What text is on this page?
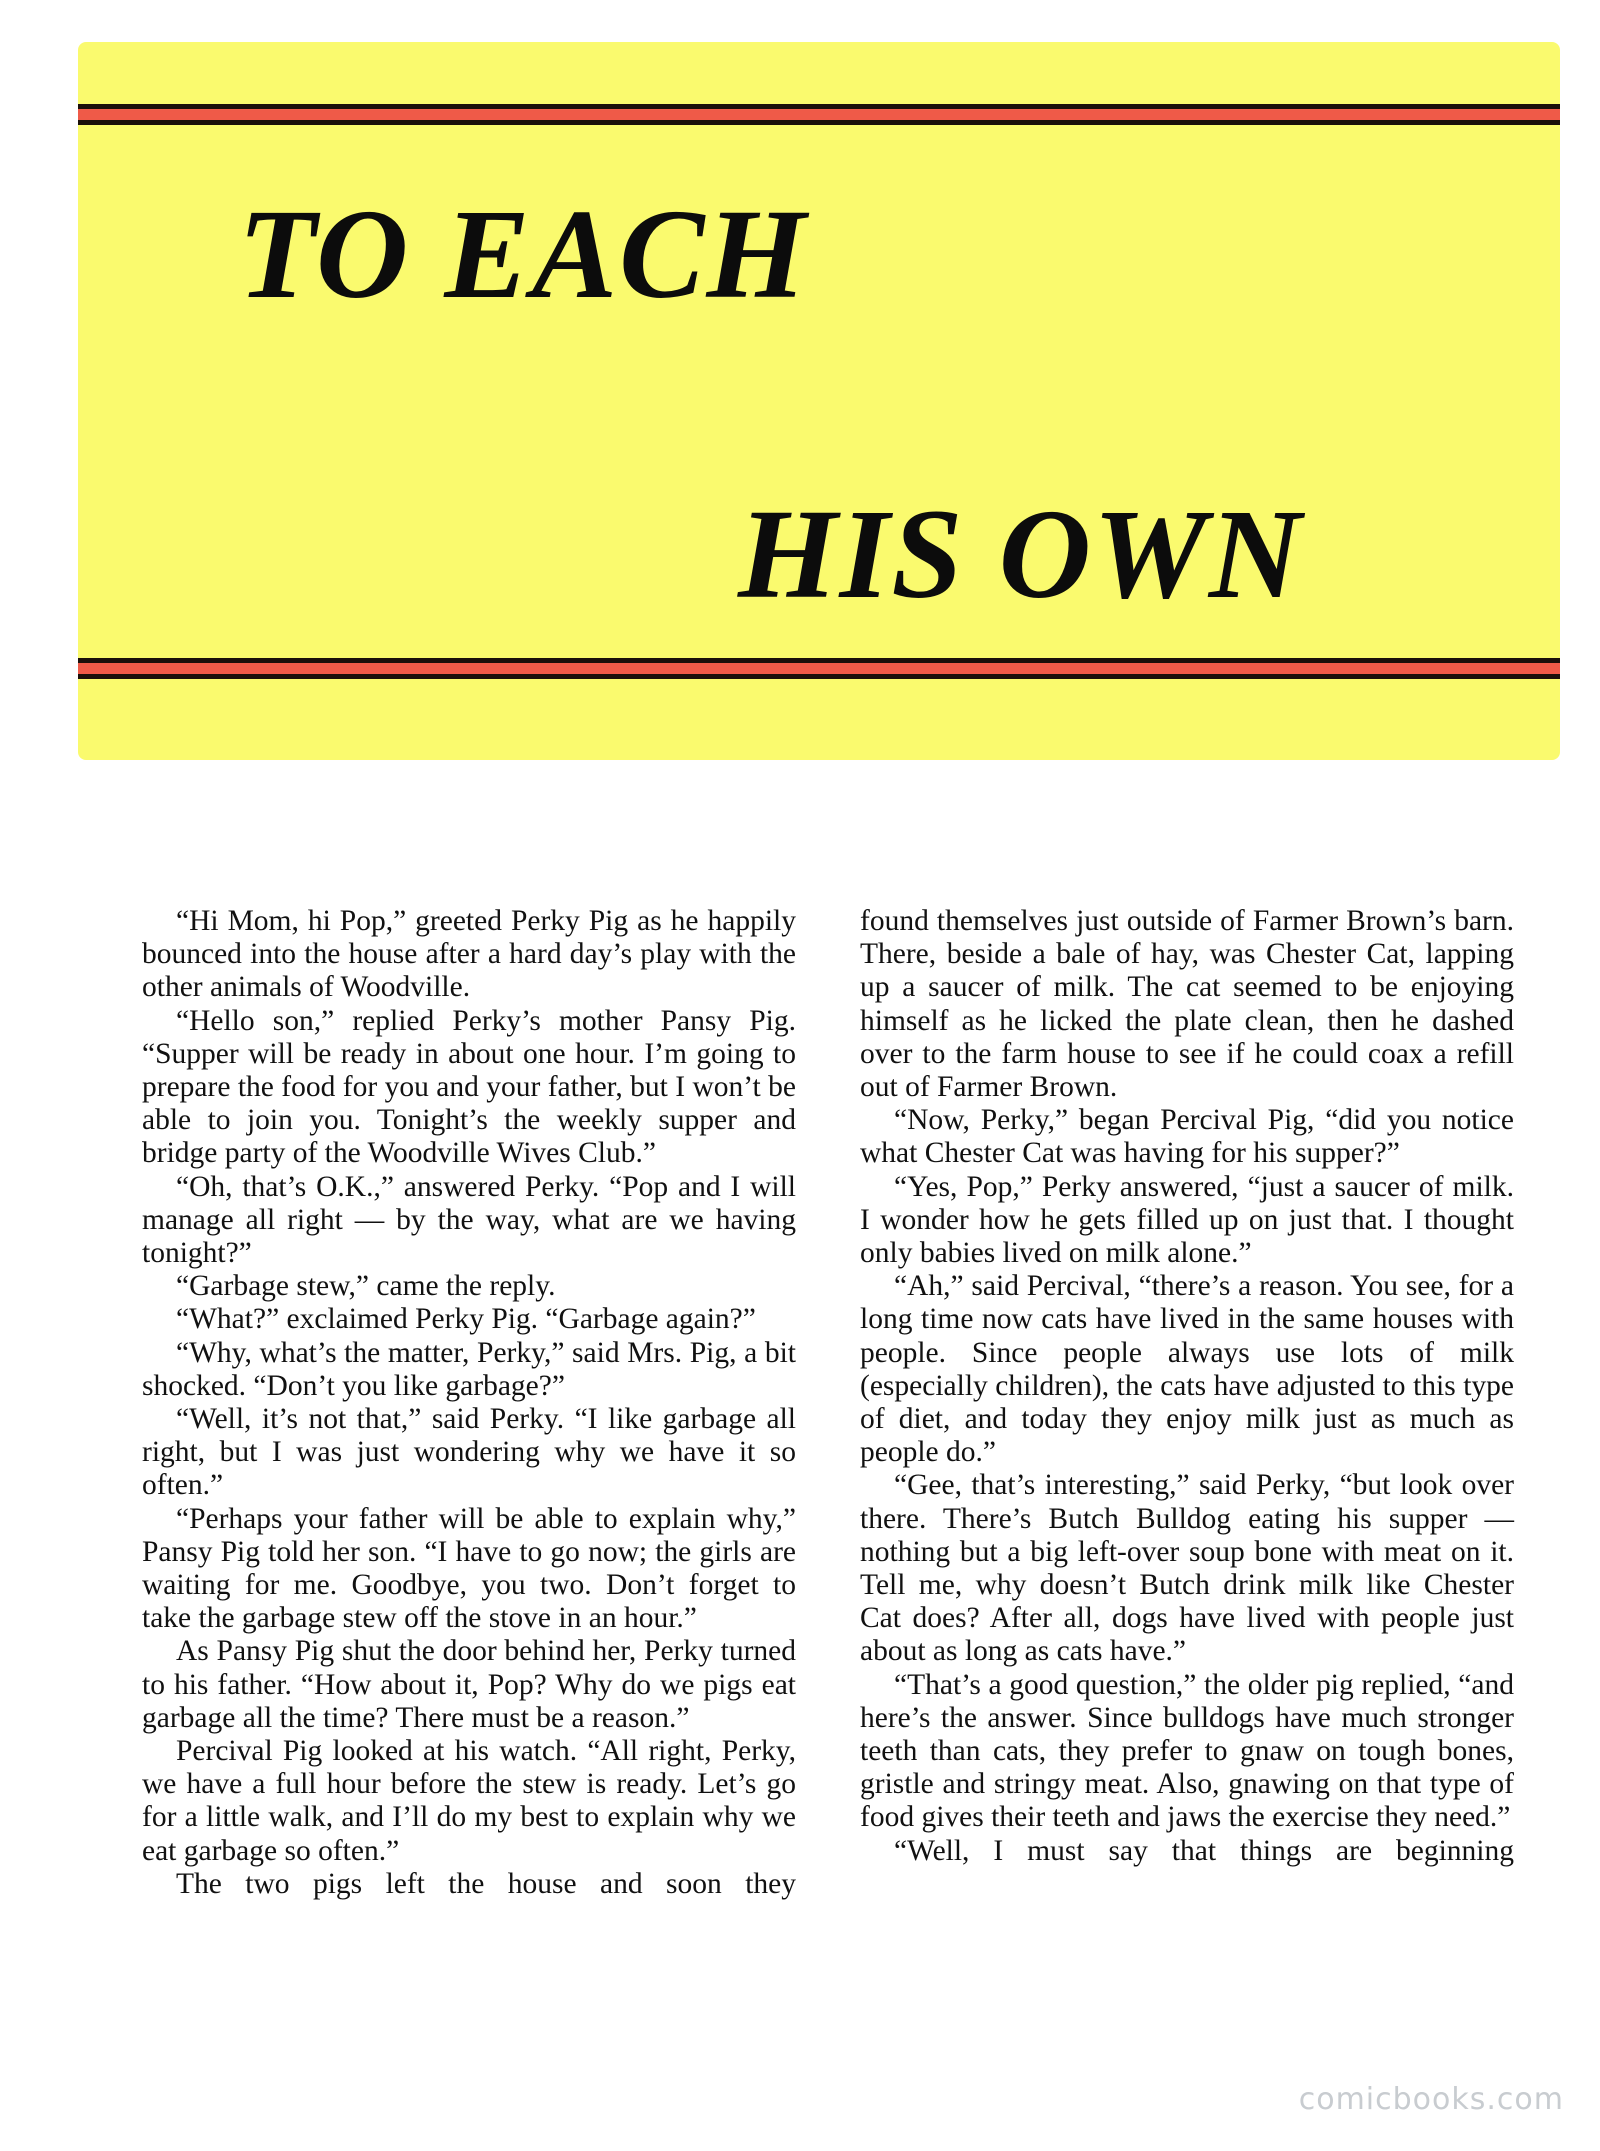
TO EACH
HIS OWN

“Hi Mom, hi Pop,” greeted Perky Pig as he happily bounced into the house after a hard day’s play with the other animals of Woodville.

“Hello son,” replied Perky’s mother Pansy Pig. “Supper will be ready in about one hour. I’m going to prepare the food for you and your father, but I won’t be able to join you. Tonight’s the weekly supper and bridge party of the Woodville Wives Club.”

“Oh, that’s O.K.,” answered Perky. “Pop and I will manage all right — by the way, what are we having tonight?”

“Garbage stew,” came the reply.

“What?” exclaimed Perky Pig. “Garbage again?”

“Why, what’s the matter, Perky,” said Mrs. Pig, a bit shocked. “Don’t you like garbage?”

“Well, it’s not that,” said Perky. “I like garbage all right, but I was just wondering why we have it so often.”

“Perhaps your father will be able to explain why,” Pansy Pig told her son. “I have to go now; the girls are waiting for me. Goodbye, you two. Don’t forget to take the garbage stew off the stove in an hour.”

As Pansy Pig shut the door behind her, Perky turned to his father. “How about it, Pop? Why do we pigs eat garbage all the time? There must be a reason.”

Percival Pig looked at his watch. “All right, Perky, we have a full hour before the stew is ready. Let’s go for a little walk, and I’ll do my best to explain why we eat garbage so often.”

The two pigs left the house and soon they

found themselves just outside of Farmer Brown’s barn. There, beside a bale of hay, was Chester Cat, lapping up a saucer of milk. The cat seemed to be enjoying himself as he licked the plate clean, then he dashed over to the farm house to see if he could coax a refill out of Farmer Brown.

“Now, Perky,” began Percival Pig, “did you notice what Chester Cat was having for his supper?”

“Yes, Pop,” Perky answered, “just a saucer of milk. I wonder how he gets filled up on just that. I thought only babies lived on milk alone.”

“Ah,” said Percival, “there’s a reason. You see, for a long time now cats have lived in the same houses with people. Since people always use lots of milk (especially children), the cats have adjusted to this type of diet, and today they enjoy milk just as much as people do.”

“Gee, that’s interesting,” said Perky, “but look over there. There’s Butch Bulldog eating his supper — nothing but a big left-over soup bone with meat on it. Tell me, why doesn’t Butch drink milk like Chester Cat does? After all, dogs have lived with people just about as long as cats have.”

“That’s a good question,” the older pig replied, “and here’s the answer. Since bulldogs have much stronger teeth than cats, they prefer to gnaw on tough bones, gristle and stringy meat. Also, gnawing on that type of food gives their teeth and jaws the exercise they need.”

“Well, I must say that things are beginning

comicbooks.com
